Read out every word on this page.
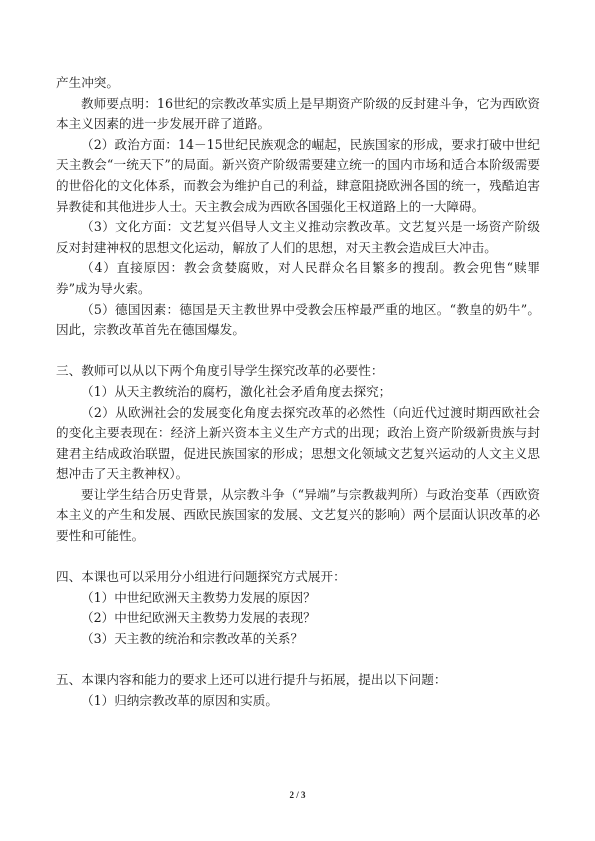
产生冲突。

教师要点明：16世纪的宗教改革实质上是早期资产阶级的反封建斗争，它为西欧资本主义因素的进一步发展开辟了道路。

（2）政治方面：14－15世纪民族观念的崛起，民族国家的形成，要求打破中世纪天主教会“一统天下”的局面。新兴资产阶级需要建立统一的国内市场和适合本阶级需要的世俗化的文化体系，而教会为维护自己的利益，肆意阻挠欧洲各国的统一，残酷迫害异教徒和其他进步人士。天主教会成为西欧各国强化王权道路上的一大障碍。

（3）文化方面：文艺复兴倡导人文主义推动宗教改革。文艺复兴是一场资产阶级反对封建神权的思想文化运动，解放了人们的思想，对天主教会造成巨大冲击。

（4）直接原因：教会贪婪腐败，对人民群众名目繁多的搜刮。教会兜售“赎罪券”成为导火索。

（5）德国因素：德国是天主教世界中受教会压榨最严重的地区。“教皇的奶牛”。因此，宗教改革首先在德国爆发。

三、教师可以从以下两个角度引导学生探究改革的必要性：

（1）从天主教统治的腐朽，激化社会矛盾角度去探究；

（2）从欧洲社会的发展变化角度去探究改革的必然性（向近代过渡时期西欧社会的变化主要表现在：经济上新兴资本主义生产方式的出现；政治上资产阶级新贵族与封建君主结成政治联盟，促进民族国家的形成；思想文化领域文艺复兴运动的人文主义思想冲击了天主教神权）。

要让学生结合历史背景，从宗教斗争（“异端”与宗教裁判所）与政治变革（西欧资本主义的产生和发展、西欧民族国家的发展、文艺复兴的影响）两个层面认识改革的必要性和可能性。

四、本课也可以采用分小组进行问题探究方式展开：

（1）中世纪欧洲天主教势力发展的原因？

（2）中世纪欧洲天主教势力发展的表现？

（3）天主教的统治和宗教改革的关系？

五、本课内容和能力的要求上还可以进行提升与拓展，提出以下问题：

（1）归纳宗教改革的原因和实质。

2 / 3
